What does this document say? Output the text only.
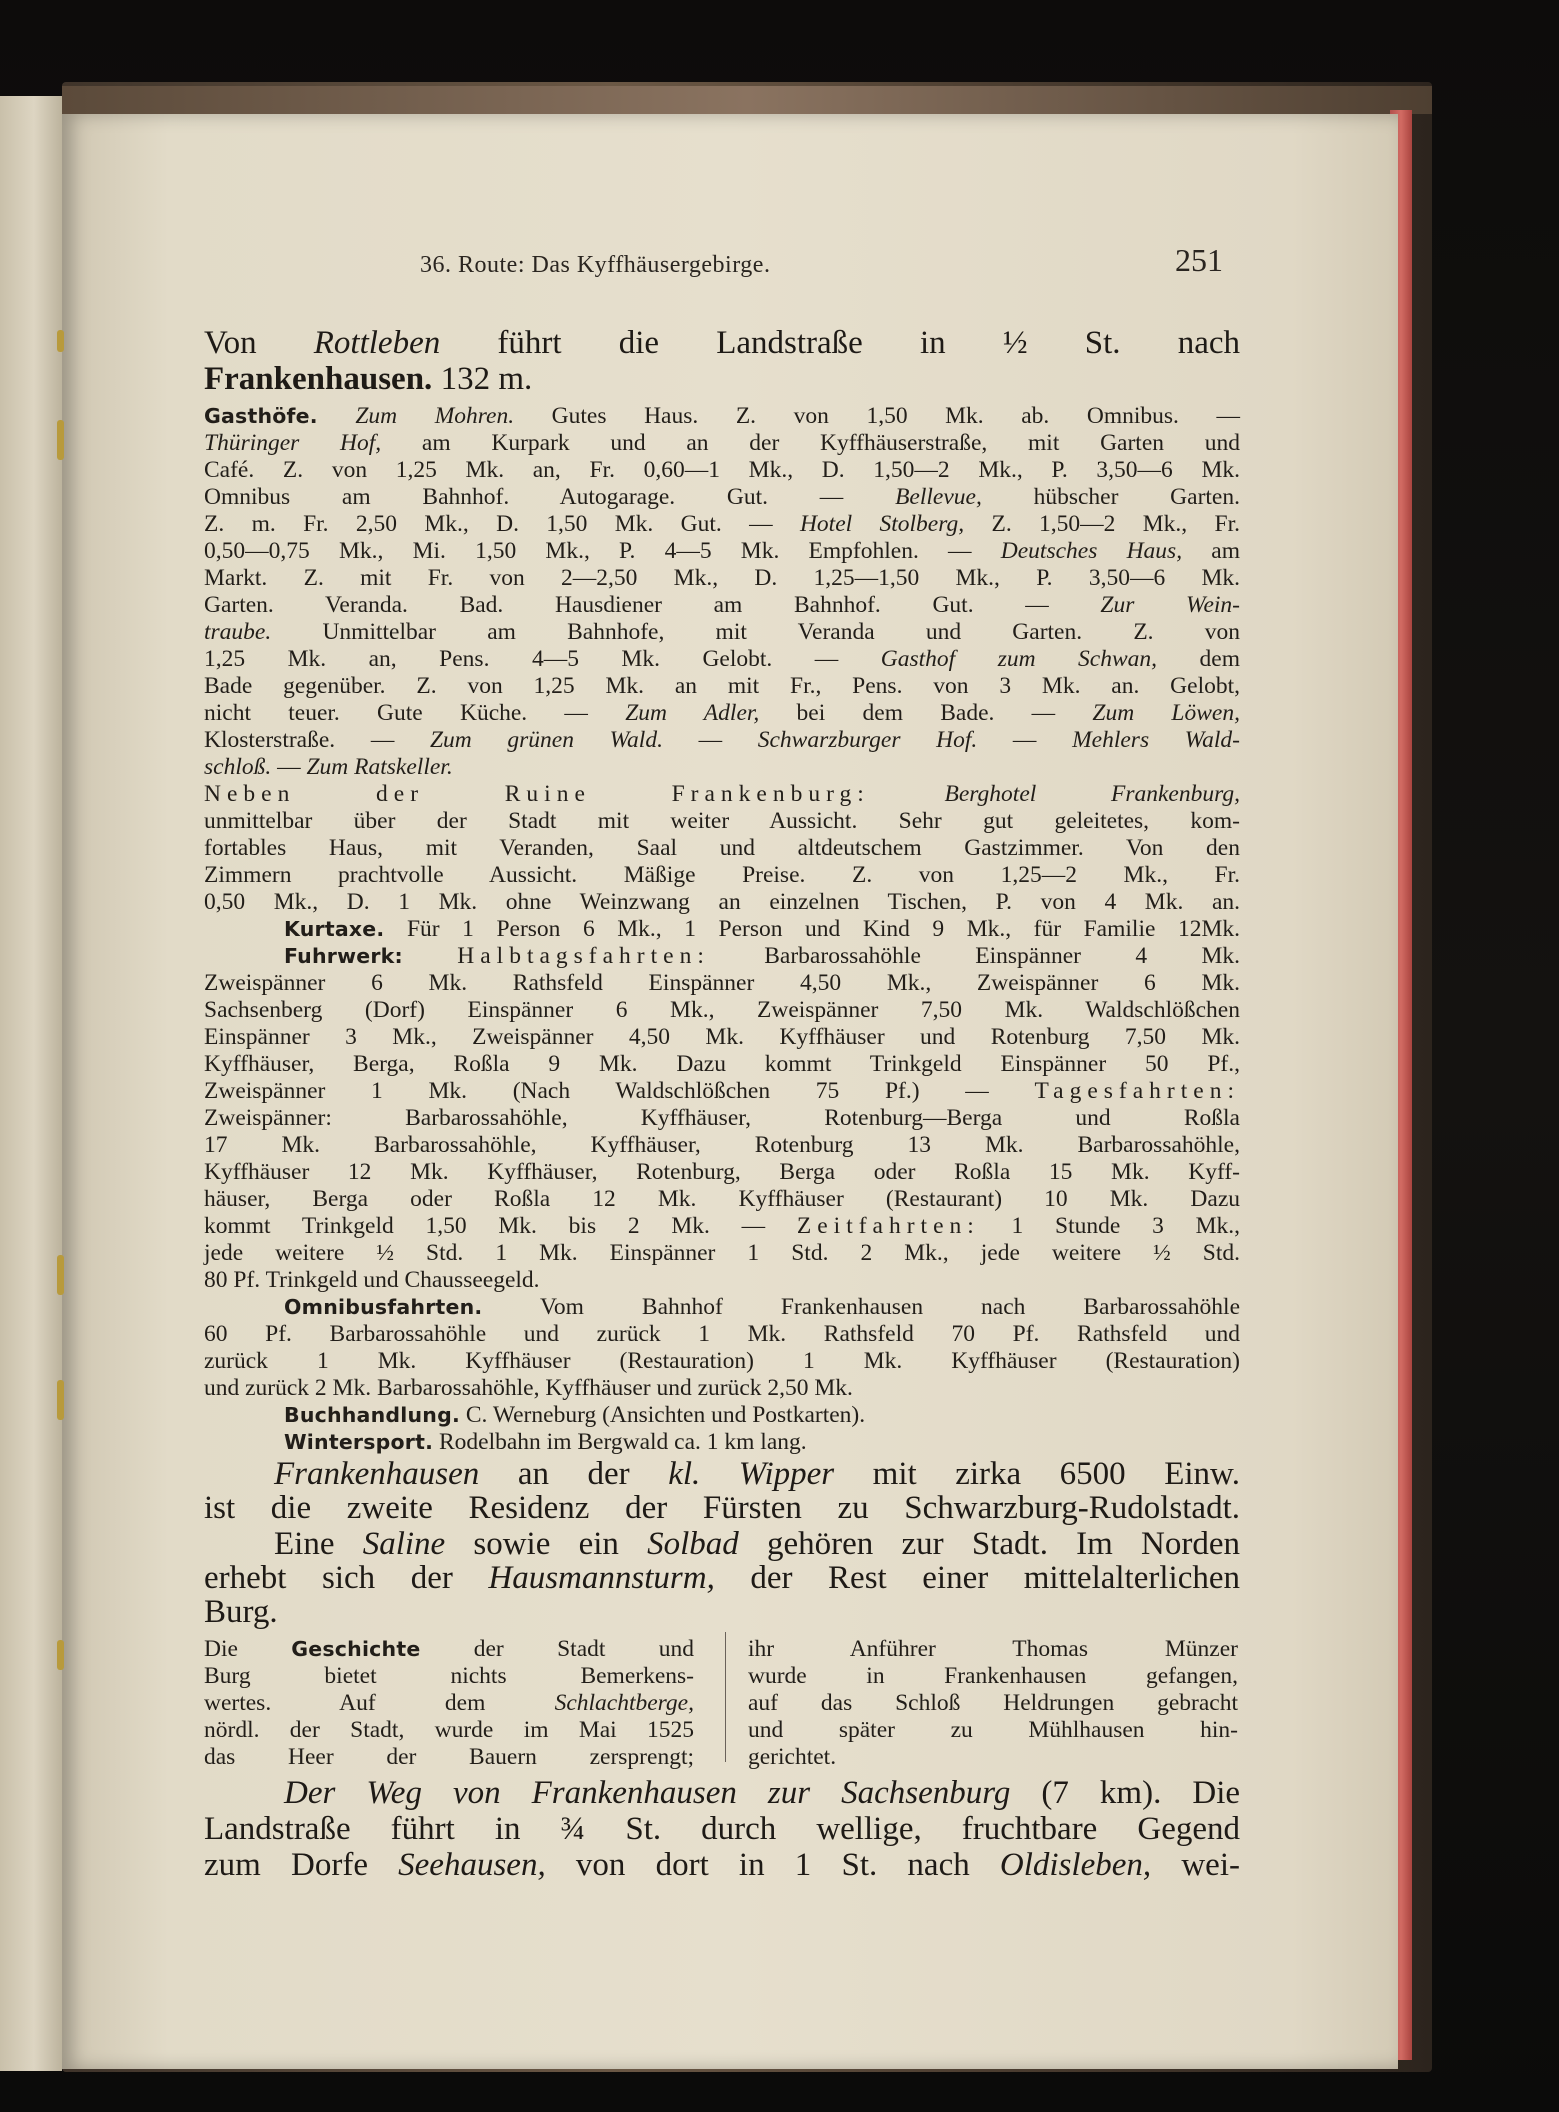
36. Route: Das Kyffhäusergebirge.	251
Von Rottleben führt die Landstraße in ½ St. nach
Frankenhausen. 132 m.
Gasthöfe. Zum Mohren. Gutes Haus. Z. von 1,50 Mk. ab. Omnibus. —
Thüringer Hof, am Kurpark und an der Kyffhäuserstraße, mit Garten und
Café. Z. von 1,25 Mk. an, Fr. 0,60—1 Mk., D. 1,50—2 Mk., P. 3,50—6 Mk.
Omnibus am Bahnhof. Autogarage. Gut. — Bellevue, hübscher Garten.
Z. m. Fr. 2,50 Mk., D. 1,50 Mk. Gut. — Hotel Stolberg, Z. 1,50—2 Mk., Fr.
0,50—0,75 Mk., Mi. 1,50 Mk., P. 4—5 Mk. Empfohlen. — Deutsches Haus, am
Markt. Z. mit Fr. von 2—2,50 Mk., D. 1,25—1,50 Mk., P. 3,50—6 Mk.
Garten. Veranda. Bad. Hausdiener am Bahnhof. Gut. — Zur Wein-
traube. Unmittelbar am Bahnhofe, mit Veranda und Garten. Z. von
1,25 Mk. an, Pens. 4—5 Mk. Gelobt. — Gasthof zum Schwan, dem
Bade gegenüber. Z. von 1,25 Mk. an mit Fr., Pens. von 3 Mk. an. Gelobt,
nicht teuer. Gute Küche. — Zum Adler, bei dem Bade. — Zum Löwen,
Klosterstraße. — Zum grünen Wald. — Schwarzburger Hof. — Mehlers Wald-
schloß. — Zum Ratskeller.
Neben der Ruine Frankenburg:	Berghotel Frankenburg,
unmittelbar über der Stadt mit weiter Aussicht. Sehr gut geleitetes, kom-
fortables Haus, mit Veranden, Saal und altdeutschem Gastzimmer. Von den
Zimmern prachtvolle Aussicht. Mäßige Preise. Z. von 1,25—2 Mk., Fr.
0,50 Mk., D. 1 Mk. ohne Weinzwang an einzelnen Tischen, P. von 4 Mk. an.
Kurtaxe. Für 1 Person 6 Mk., 1 Person und Kind 9 Mk., für Familie 12Mk.
Fuhrwerk: Halbtagsfahrten: Barbarossahöhle Einspänner 4 Mk.
Zweispänner 6 Mk. Rathsfeld Einspänner 4,50 Mk., Zweispänner 6 Mk.
Sachsenberg (Dorf) Einspänner 6 Mk., Zweispänner 7,50 Mk. Waldschlößchen
Einspänner 3 Mk., Zweispänner 4,50 Mk. Kyffhäuser und Rotenburg 7,50 Mk.
Kyffhäuser, Berga, Roßla 9 Mk. Dazu kommt Trinkgeld Einspänner 50 Pf.,
Zweispänner 1 Mk. (Nach Waldschlößchen 75 Pf.) — Tagesfahrten:
Zweispänner: Barbarossahöhle, Kyffhäuser, Rotenburg—Berga und Roßla
17 Mk. Barbarossahöhle, Kyffhäuser, Rotenburg 13 Mk. Barbarossahöhle,
Kyffhäuser 12 Mk. Kyffhäuser, Rotenburg, Berga oder Roßla 15 Mk. Kyff-
häuser, Berga oder Roßla 12 Mk. Kyffhäuser (Restaurant) 10 Mk. Dazu
kommt Trinkgeld 1,50 Mk. bis 2 Mk. — Zeitfahrten: 1 Stunde 3 Mk.,
jede weitere ½ Std. 1 Mk. Einspänner 1 Std. 2 Mk., jede weitere ½ Std.
80 Pf. Trinkgeld und Chausseegeld.
Omnibusfahrten. Vom Bahnhof Frankenhausen nach Barbarossahöhle
60 Pf. Barbarossahöhle und zurück 1 Mk. Rathsfeld 70 Pf. Rathsfeld und
zurück 1 Mk. Kyffhäuser (Restauration) 1 Mk. Kyffhäuser (Restauration)
und zurück 2 Mk. Barbarossahöhle, Kyffhäuser und zurück 2,50 Mk.
Buchhandlung. C. Werneburg (Ansichten und Postkarten).
Wintersport. Rodelbahn im Bergwald ca. 1 km lang.
Frankenhausen an der kl. Wipper mit zirka 6500 Einw.
ist die zweite Residenz der Fürsten zu Schwarzburg-Rudolstadt.
Eine Saline sowie ein Solbad gehören zur Stadt. Im Norden
erhebt sich der Hausmannsturm, der Rest einer mittelalterlichen
Burg.
Die Geschichte der Stadt und
Burg bietet nichts Bemerkens-
wertes. Auf dem Schlachtberge,
nördl. der Stadt, wurde im Mai 1525
das Heer der Bauern zersprengt;
ihr Anführer Thomas Münzer
wurde in Frankenhausen gefangen,
auf das Schloß Heldrungen gebracht
und später zu Mühlhausen hin-
gerichtet.
Der Weg von Frankenhausen zur Sachsenburg (7 km). Die
Landstraße führt in ¾ St. durch wellige, fruchtbare Gegend
zum Dorfe Seehausen, von dort in 1 St. nach Oldisleben, wei-
